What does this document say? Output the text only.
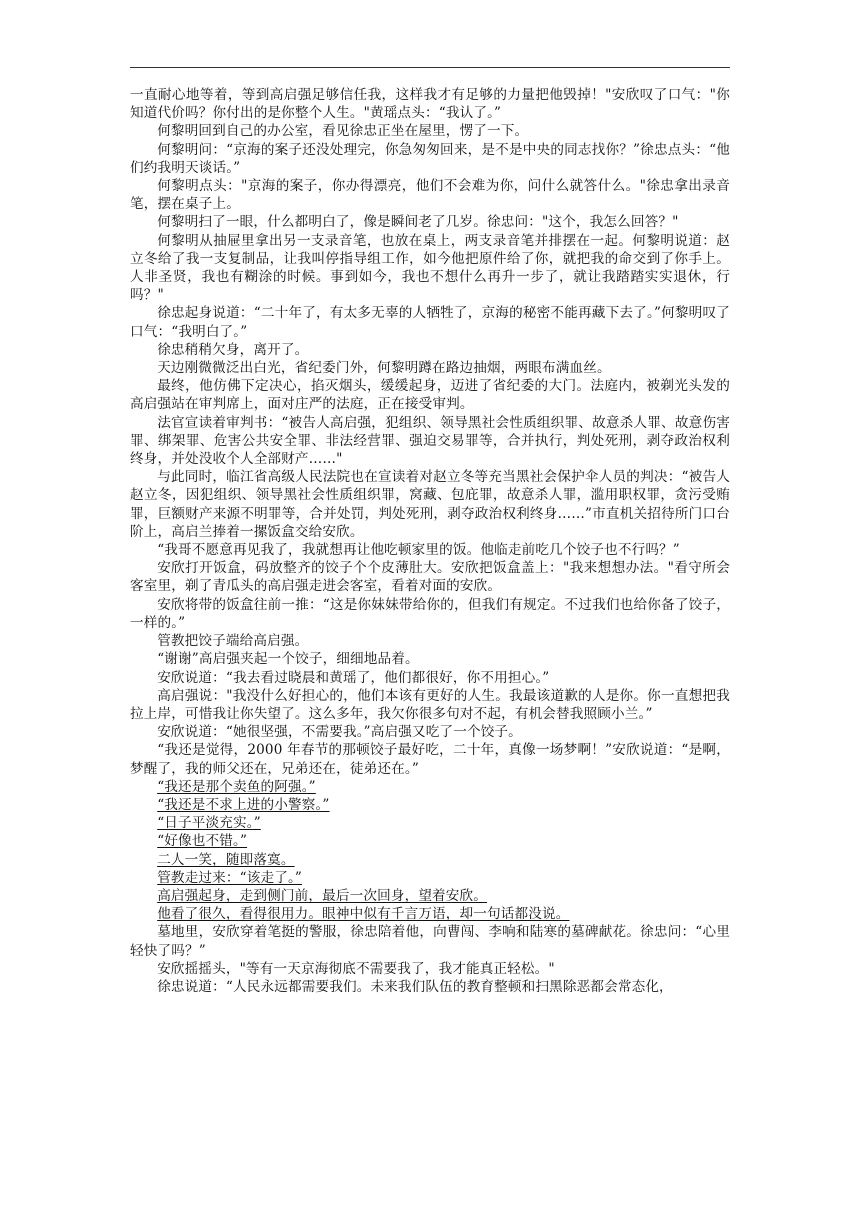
一直耐心地等着，等到高启强足够信任我，这样我才有足够的力量把他毁掉！"安欣叹了口气："你知道代价吗？你付出的是你整个人生。"黄瑶点头：“我认了。”

何黎明回到自己的办公室，看见徐忠正坐在屋里，愣了一下。

何黎明问：“京海的案子还没处理完，你急匆匆回来，是不是中央的同志找你？”徐忠点头：“他们约我明天谈话。”

何黎明点头："京海的案子，你办得漂亮，他们不会难为你，问什么就答什么。"徐忠拿出录音笔，摆在桌子上。

何黎明扫了一眼，什么都明白了，像是瞬间老了几岁。徐忠问："这个，我怎么回答？"

何黎明从抽屉里拿出另一支录音笔，也放在桌上，两支录音笔并排摆在一起。何黎明说道：赵立冬给了我一支复制品，让我叫停指导组工作，如今他把原件给了你，就把我的命交到了你手上。人非圣贤，我也有糊涂的时候。事到如今，我也不想什么再升一步了，就让我踏踏实实退休，行吗？"

徐忠起身说道：“二十年了，有太多无辜的人牺牲了，京海的秘密不能再藏下去了。”何黎明叹了口气：“我明白了。”

徐忠稍稍欠身，离开了。

天边刚微微泛出白光，省纪委门外，何黎明蹲在路边抽烟，两眼布满血丝。

最终，他仿佛下定决心，掐灭烟头，缓缓起身，迈进了省纪委的大门。法庭内，被剃光头发的高启强站在审判席上，面对庄严的法庭，正在接受审判。

法官宣读着审判书：“被告人高启强，犯组织、领导黑社会性质组织罪、故意杀人罪、故意伤害罪、绑架罪、危害公共安全罪、非法经营罪、强迫交易罪等，合并执行，判处死刑，剥夺政治权利终身，并处没收个人全部财产……"

与此同时，临江省高级人民法院也在宣读着对赵立冬等充当黑社会保护伞人员的判决：“被告人赵立冬，因犯组织、领导黑社会性质组织罪，窝藏、包庇罪，故意杀人罪，滥用职权罪，贪污受贿罪，巨额财产来源不明罪等，合并处罚，判处死刑，剥夺政治权利终身……”市直机关招待所门口台阶上，高启兰捧着一摞饭盒交给安欣。

“我哥不愿意再见我了，我就想再让他吃顿家里的饭。他临走前吃几个饺子也不行吗？”

安欣打开饭盒，码放整齐的饺子个个皮薄肚大。安欣把饭盒盖上："我来想想办法。"看守所会客室里，剃了青瓜头的高启强走进会客室，看着对面的安欣。

安欣将带的饭盒往前一推：“这是你妹妹带给你的，但我们有规定。不过我们也给你备了饺子，一样的。”

管教把饺子端给高启强。

“谢谢”高启强夹起一个饺子，细细地品着。

安欣说道：“我去看过晓晨和黄瑶了，他们都很好，你不用担心。”

高启强说："我没什么好担心的，他们本该有更好的人生。我最该道歉的人是你。你一直想把我拉上岸，可惜我让你失望了。这么多年，我欠你很多句对不起，有机会替我照顾小兰。”

安欣说道：“她很坚强，不需要我。”高启强又吃了一个饺子。

“我还是觉得，2000 年春节的那顿饺子最好吃，二十年，真像一场梦啊！”安欣说道：“是啊，梦醒了，我的师父还在，兄弟还在，徒弟还在。”

“我还是那个卖鱼的阿强。”

“我还是不求上进的小警察。”

“日子平淡充实。”

“好像也不错。”

二人一笑，随即落寞。

管教走过来：“该走了。”

高启强起身，走到侧门前，最后一次回身，望着安欣。

他看了很久，看得很用力。眼神中似有千言万语，却一句话都没说。

墓地里，安欣穿着笔挺的警服，徐忠陪着他，向曹闯、李响和陆寒的墓碑献花。徐忠问：“心里轻快了吗？”

安欣摇摇头，"等有一天京海彻底不需要我了，我才能真正轻松。"

徐忠说道：“人民永远都需要我们。未来我们队伍的教育整顿和扫黑除恶都会常态化，
